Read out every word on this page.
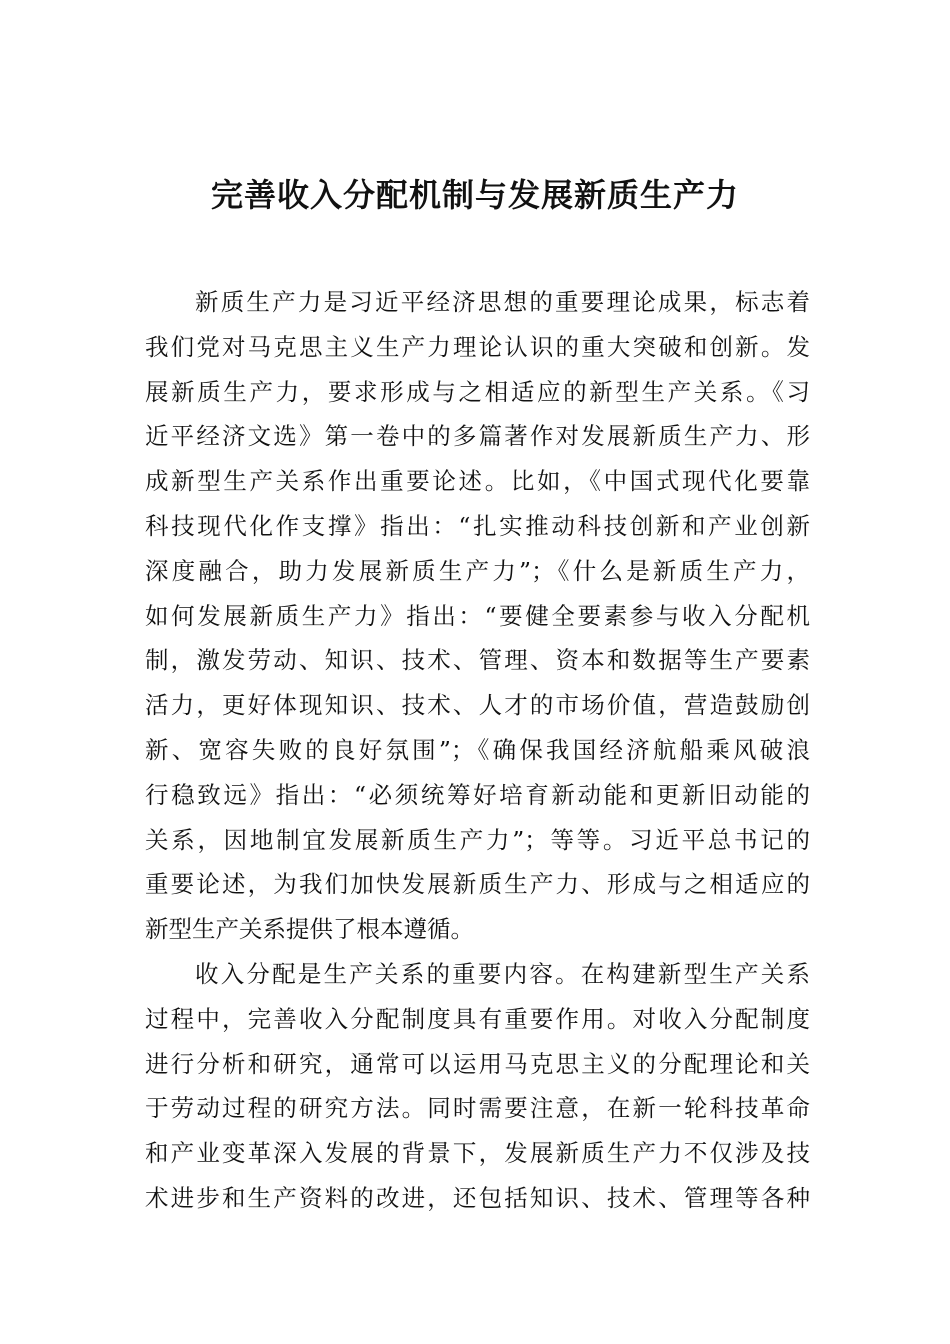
完善收入分配机制与发展新质生产力
新质生产力是习近平经济思想的重要理论成果，标志着
我们党对马克思主义生产力理论认识的重大突破和创新。发
展新质生产力，要求形成与之相适应的新型生产关系。《习
近平经济文选》第一卷中的多篇著作对发展新质生产力、形
成新型生产关系作出重要论述。比如，《中国式现代化要靠
科技现代化作支撑》指出：“扎实推动科技创新和产业创新
深度融合，助力发展新质生产力”；《什么是新质生产力，
如何发展新质生产力》指出：“要健全要素参与收入分配机
制，激发劳动、知识、技术、管理、资本和数据等生产要素
活力，更好体现知识、技术、人才的市场价值，营造鼓励创
新、宽容失败的良好氛围”；《确保我国经济航船乘风破浪
行稳致远》指出：“必须统筹好培育新动能和更新旧动能的
关系，因地制宜发展新质生产力”；等等。习近平总书记的
重要论述，为我们加快发展新质生产力、形成与之相适应的
新型生产关系提供了根本遵循。
收入分配是生产关系的重要内容。在构建新型生产关系
过程中，完善收入分配制度具有重要作用。对收入分配制度
进行分析和研究，通常可以运用马克思主义的分配理论和关
于劳动过程的研究方法。同时需要注意，在新一轮科技革命
和产业变革深入发展的背景下，发展新质生产力不仅涉及技
术进步和生产资料的改进，还包括知识、技术、管理等各种
